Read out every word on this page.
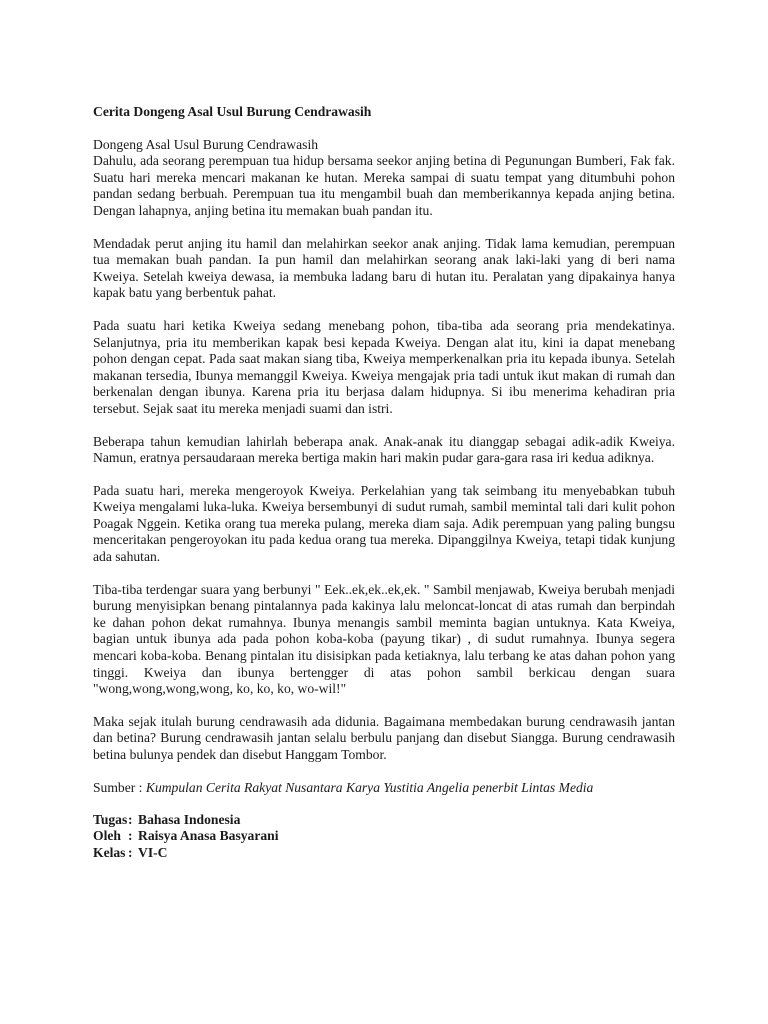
Cerita Dongeng Asal Usul Burung Cendrawasih

Dongeng Asal Usul Burung Cendrawasih
Dahulu, ada seorang perempuan tua hidup bersama seekor anjing betina di Pegunungan Bumberi, Fak fak. Suatu hari mereka mencari makanan ke hutan. Mereka sampai di suatu tempat yang ditumbuhi pohon pandan sedang berbuah. Perempuan tua itu mengambil buah dan memberikannya kepada anjing betina. Dengan lahapnya, anjing betina itu memakan buah pandan itu.

Mendadak perut anjing itu hamil dan melahirkan seekor anak anjing. Tidak lama kemudian, perempuan tua memakan buah pandan. Ia pun hamil dan melahirkan seorang anak laki-laki yang di beri nama Kweiya. Setelah kweiya dewasa, ia membuka ladang baru di hutan itu. Peralatan yang dipakainya hanya kapak batu yang berbentuk pahat.

Pada suatu hari ketika Kweiya sedang menebang pohon, tiba-tiba ada seorang pria mendekatinya. Selanjutnya, pria itu memberikan kapak besi kepada Kweiya. Dengan alat itu, kini ia dapat menebang pohon dengan cepat. Pada saat makan siang tiba, Kweiya memperkenalkan pria itu kepada ibunya. Setelah makanan tersedia, Ibunya memanggil Kweiya. Kweiya mengajak pria tadi untuk ikut makan di rumah dan berkenalan dengan ibunya. Karena pria itu berjasa dalam hidupnya. Si ibu menerima kehadiran pria tersebut. Sejak saat itu mereka menjadi suami dan istri.

Beberapa tahun kemudian lahirlah beberapa anak. Anak-anak itu dianggap sebagai adik-adik Kweiya. Namun, eratnya persaudaraan mereka bertiga makin hari makin pudar gara-gara rasa iri kedua adiknya.

Pada suatu hari, mereka mengeroyok Kweiya. Perkelahian yang tak seimbang itu menyebabkan tubuh Kweiya mengalami luka-luka. Kweiya bersembunyi di sudut rumah, sambil memintal tali dari kulit pohon Poagak Nggein. Ketika orang tua mereka pulang, mereka diam saja. Adik perempuan yang paling bungsu menceritakan pengeroyokan itu pada kedua orang tua mereka. Dipanggilnya Kweiya, tetapi tidak kunjung ada sahutan.

Tiba-tiba terdengar suara yang berbunyi " Eek..ek,ek..ek,ek. " Sambil menjawab, Kweiya berubah menjadi burung menyisipkan benang pintalannya pada kakinya lalu meloncat-loncat di atas rumah dan berpindah ke dahan pohon dekat rumahnya. Ibunya menangis sambil meminta bagian untuknya. Kata Kweiya, bagian untuk ibunya ada pada pohon koba-koba (payung tikar) , di sudut rumahnya. Ibunya segera mencari koba-koba. Benang pintalan itu disisipkan pada ketiaknya, lalu terbang ke atas dahan pohon yang tinggi. Kweiya dan ibunya bertengger di atas pohon sambil berkicau dengan suara "wong,wong,wong,wong, ko, ko, ko, wo-wil!"

Maka sejak itulah burung cendrawasih ada didunia. Bagaimana membedakan burung cendrawasih jantan dan betina? Burung cendrawasih jantan selalu berbulu panjang dan disebut Siangga. Burung cendrawasih betina bulunya pendek dan disebut Hanggam Tombor.

Sumber : Kumpulan Cerita Rakyat Nusantara Karya Yustitia Angelia penerbit Lintas Media

Tugas	:	Bahasa Indonesia
Oleh	:	Raisya Anasa Basyarani
Kelas	:	VI-C
